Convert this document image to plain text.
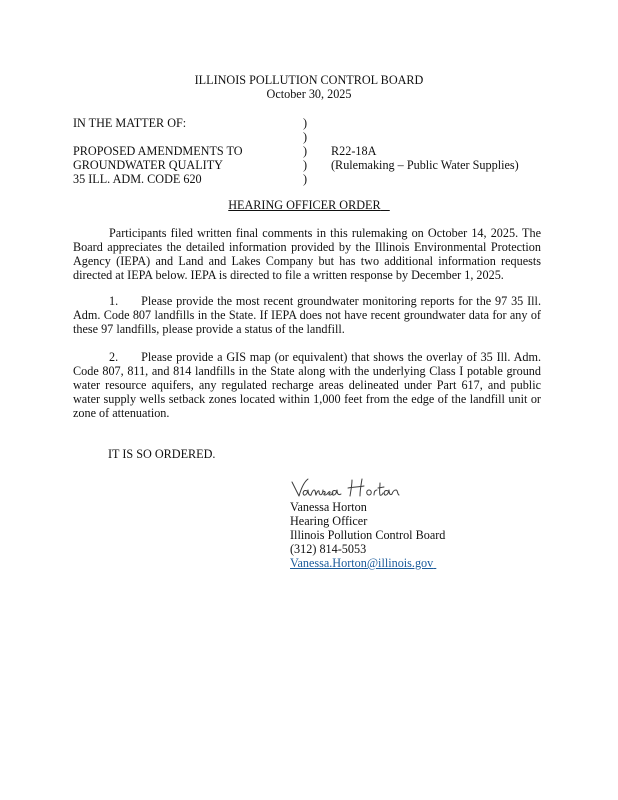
ILLINOIS POLLUTION CONTROL BOARD
October 30, 2025
IN THE MATTER OF:
PROPOSED AMENDMENTS TO
GROUNDWATER QUALITY
35 ILL. ADM. CODE 620
)
)
)
)
)
R22-18A
(Rulemaking – Public Water Supplies)
HEARING OFFICER ORDER
Participants filed written final comments in this rulemaking on October 14, 2025. The Board appreciates the detailed information provided by the Illinois Environmental Protection Agency (IEPA) and Land and Lakes Company but has two additional information requests directed at IEPA below. IEPA is directed to file a written response by December 1, 2025.
1. Please provide the most recent groundwater monitoring reports for the 97 35 Ill. Adm. Code 807 landfills in the State. If IEPA does not have recent groundwater data for any of these 97 landfills, please provide a status of the landfill.
2. Please provide a GIS map (or equivalent) that shows the overlay of 35 Ill. Adm. Code 807, 811, and 814 landfills in the State along with the underlying Class I potable ground water resource aquifers, any regulated recharge areas delineated under Part 617, and public water supply wells setback zones located within 1,000 feet from the edge of the landfill unit or zone of attenuation.
IT IS SO ORDERED.
Vanessa Horton
Hearing Officer
Illinois Pollution Control Board
(312) 814-5053
Vanessa.Horton@illinois.gov
